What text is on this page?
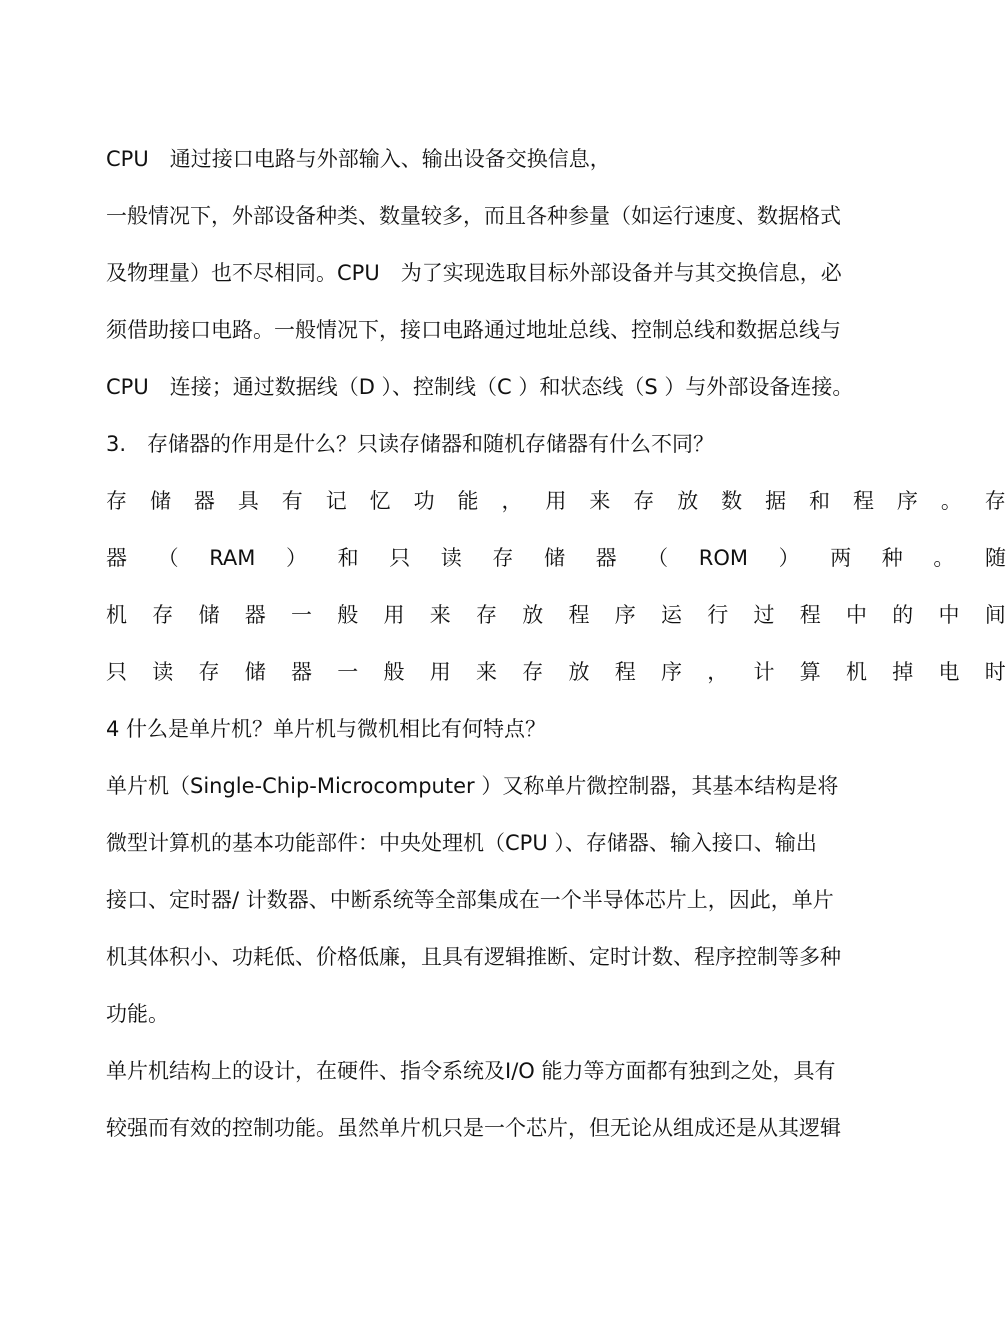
CPU　通过接口电路与外部输入、输出设备交换信息，
一般情况下，外部设备种类、数量较多，而且各种参量（如运行速度、数据格式
及物理量）也不尽相同。CPU　为了实现选取目标外部设备并与其交换信息，必
须借助接口电路。一般情况下，接口电路通过地址总线、控制总线和数据总线与
CPU　连接；通过数据线（D ）、控制线（C ）和状态线（S ）与外部设备连接。
3.　存储器的作用是什么？只读存储器和随机存储器有什么不同？
存 储 器 具 有 记 忆 功 能 ， 用 来 存 放 数 据 和 程 序 。 存
器 （ RAM ） 和 只 读 存 储 器 （ ROM ） 两 种 。 随
机 存 储 器 一 般 用 来 存 放 程 序 运 行 过 程 中 的 中 间
只 读 存 储 器 一 般 用 来 存 放 程 序 ， 计 算 机 掉 电 时
4 什么是单片机？单片机与微机相比有何特点？
单片机（Single-Chip-Microcomputer ）又称单片微控制器，其基本结构是将
微型计算机的基本功能部件：中央处理机（CPU ）、存储器、输入接口、输出
接口、定时器/ 计数器、中断系统等全部集成在一个半导体芯片上，因此，单片
机其体积小、功耗低、价格低廉，且具有逻辑推断、定时计数、程序控制等多种
功能。
单片机结构上的设计，在硬件、指令系统及I/O 能力等方面都有独到之处，具有
较强而有效的控制功能。虽然单片机只是一个芯片，但无论从组成还是从其逻辑
